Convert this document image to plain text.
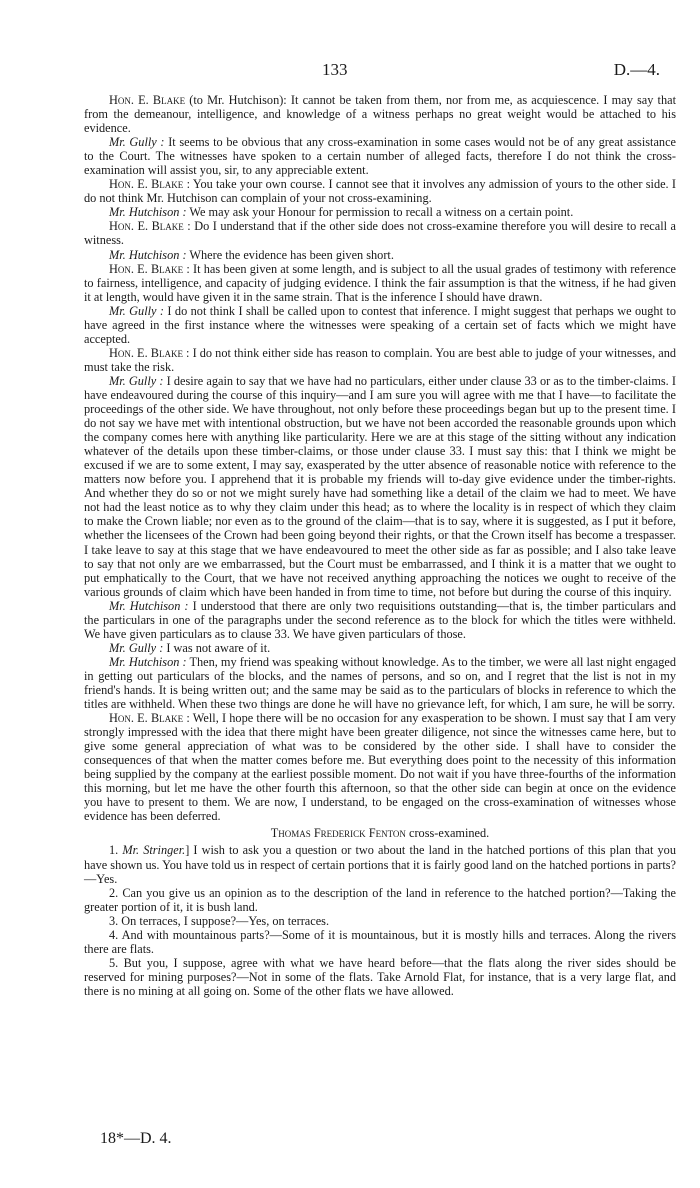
133	D.—4.

Hon. E. Blake (to Mr. Hutchison): It cannot be taken from them, nor from me, as acquiescence. I may say that from the demeanour, intelligence, and knowledge of a witness perhaps no great weight would be attached to his evidence.

Mr. Gully : It seems to be obvious that any cross-examination in some cases would not be of any great assistance to the Court. The witnesses have spoken to a certain number of alleged facts, therefore I do not think the cross-examination will assist you, sir, to any appreciable extent.

Hon. E. Blake : You take your own course. I cannot see that it involves any admission of yours to the other side. I do not think Mr. Hutchison can complain of your not cross-examining.

Mr. Hutchison : We may ask your Honour for permission to recall a witness on a certain point.

Hon. E. Blake : Do I understand that if the other side does not cross-examine therefore you will desire to recall a witness.

Mr. Hutchison : Where the evidence has been given short.

Hon. E. Blake : It has been given at some length, and is subject to all the usual grades of testimony with reference to fairness, intelligence, and capacity of judging evidence. I think the fair assumption is that the witness, if he had given it at length, would have given it in the same strain. That is the inference I should have drawn.

Mr. Gully : I do not think I shall be called upon to contest that inference. I might suggest that perhaps we ought to have agreed in the first instance where the witnesses were speaking of a certain set of facts which we might have accepted.

Hon. E. Blake : I do not think either side has reason to complain. You are best able to judge of your witnesses, and must take the risk.

Mr. Gully : I desire again to say that we have had no particulars, either under clause 33 or as to the timber-claims. I have endeavoured during the course of this inquiry—and I am sure you will agree with me that I have—to facilitate the proceedings of the other side. We have throughout, not only before these proceedings began but up to the present time. I do not say we have met with intentional obstruction, but we have not been accorded the reasonable grounds upon which the company comes here with anything like particularity. Here we are at this stage of the sitting without any indication whatever of the details upon these timber-claims, or those under clause 33. I must say this: that I think we might be excused if we are to some extent, I may say, exasperated by the utter absence of reasonable notice with reference to the matters now before you. I apprehend that it is probable my friends will to-day give evidence under the timber-rights. And whether they do so or not we might surely have had something like a detail of the claim we had to meet. We have not had the least notice as to why they claim under this head; as to where the locality is in respect of which they claim to make the Crown liable; nor even as to the ground of the claim—that is to say, where it is suggested, as I put it before, whether the licensees of the Crown had been going beyond their rights, or that the Crown itself has become a trespasser. I take leave to say at this stage that we have endeavoured to meet the other side as far as possible; and I also take leave to say that not only are we embarrassed, but the Court must be embarrassed, and I think it is a matter that we ought to put emphatically to the Court, that we have not received anything approaching the notices we ought to receive of the various grounds of claim which have been handed in from time to time, not before but during the course of this inquiry.

Mr. Hutchison : I understood that there are only two requisitions outstanding—that is, the timber particulars and the particulars in one of the paragraphs under the second reference as to the block for which the titles were withheld. We have given particulars as to clause 33. We have given particulars of those.

Mr. Gully : I was not aware of it.

Mr. Hutchison : Then, my friend was speaking without knowledge. As to the timber, we were all last night engaged in getting out particulars of the blocks, and the names of persons, and so on, and I regret that the list is not in my friend's hands. It is being written out; and the same may be said as to the particulars of blocks in reference to which the titles are withheld. When these two things are done he will have no grievance left, for which, I am sure, he will be sorry.

Hon. E. Blake : Well, I hope there will be no occasion for any exasperation to be shown. I must say that I am very strongly impressed with the idea that there might have been greater diligence, not since the witnesses came here, but to give some general appreciation of what was to be considered by the other side. I shall have to consider the consequences of that when the matter comes before me. But everything does point to the necessity of this information being supplied by the company at the earliest possible moment. Do not wait if you have three-fourths of the information this morning, but let me have the other fourth this afternoon, so that the other side can begin at once on the evidence you have to present to them. We are now, I understand, to be engaged on the cross-examination of witnesses whose evidence has been deferred.

Thomas Frederick Fenton cross-examined.

1. Mr. Stringer.] I wish to ask you a question or two about the land in the hatched portions of this plan that you have shown us. You have told us in respect of certain portions that it is fairly good land on the hatched portions in parts?—Yes.

2. Can you give us an opinion as to the description of the land in reference to the hatched portion?—Taking the greater portion of it, it is bush land.

3. On terraces, I suppose?—Yes, on terraces.

4. And with mountainous parts?—Some of it is mountainous, but it is mostly hills and terraces. Along the rivers there are flats.

5. But you, I suppose, agree with what we have heard before—that the flats along the river sides should be reserved for mining purposes?—Not in some of the flats. Take Arnold Flat, for instance, that is a very large flat, and there is no mining at all going on. Some of the other flats we have allowed.

18*—D. 4.
